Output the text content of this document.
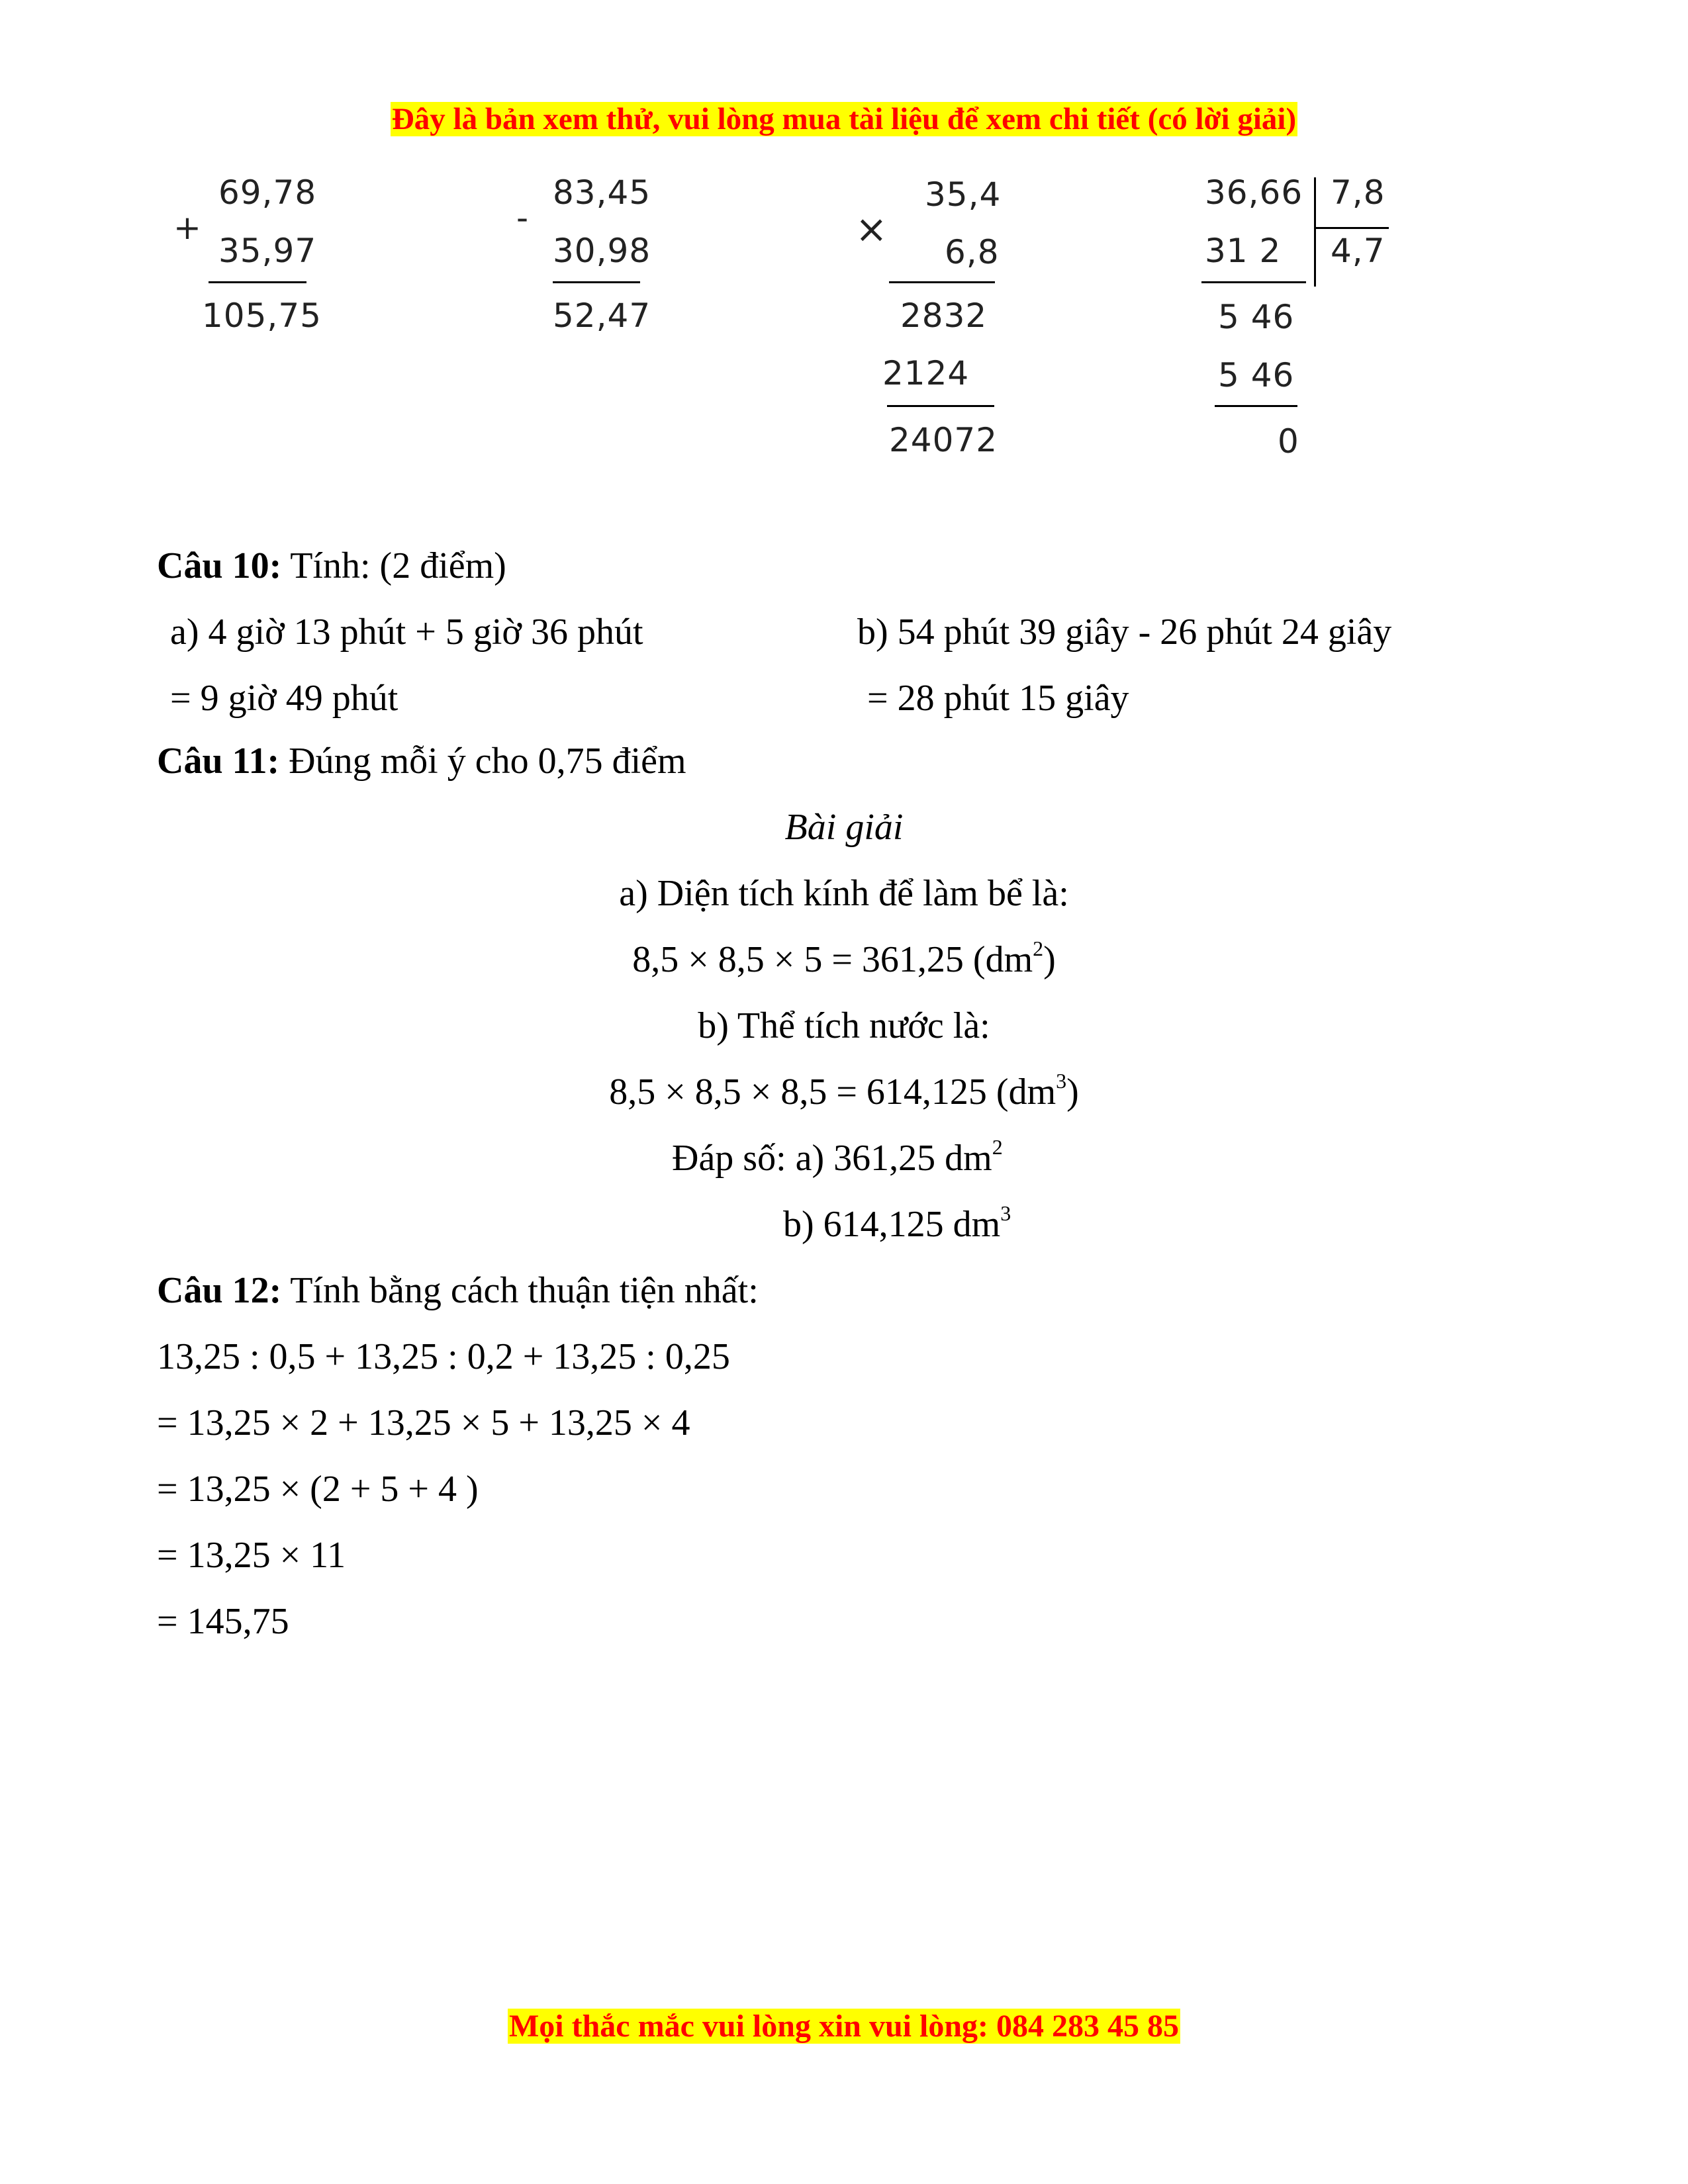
Đây là bản xem thử, vui lòng mua tài liệu để xem chi tiết (có lời giải)
+
69,78
35,97
105,75
-
83,45
30,98
52,47
×
35,4
6,8
2832
2124
24072
36,66 7,8
4,7
31 2
5 46
5 46
0
Câu 10: Tính: (2 điểm)
a) 4 giờ 13 phút + 5 giờ 36 phút
= 9 giờ 49 phút
b) 54 phút 39 giây - 26 phút 24 giây
= 28 phút 15 giây
Câu 11: Đúng mỗi ý cho 0,75 điểm
Bài giải
a) Diện tích kính để làm bể là:
8,5 × 8,5 × 5 = 361,25 $(dm^2)$
b) Thể tích nước là:
8,5 × 8,5 × 8,5 = 614,125 $(dm^3)$
Đáp số: a) 361,25 $dm^2$
b) 614,125 $dm^3$
Câu 12: Tính bằng cách thuận tiện nhất:
13,25 : 0,5 + 13,25 : 0,2 + 13,25 : 0,25
= 13,25 × 2 + 13,25 × 5 + 13,25 × 4
= 13,25 × (2 + 5 + 4 )
= 13,25 × 11
= 145,75
Mọi thắc mắc vui lòng xin vui lòng: 084 283 45 85
